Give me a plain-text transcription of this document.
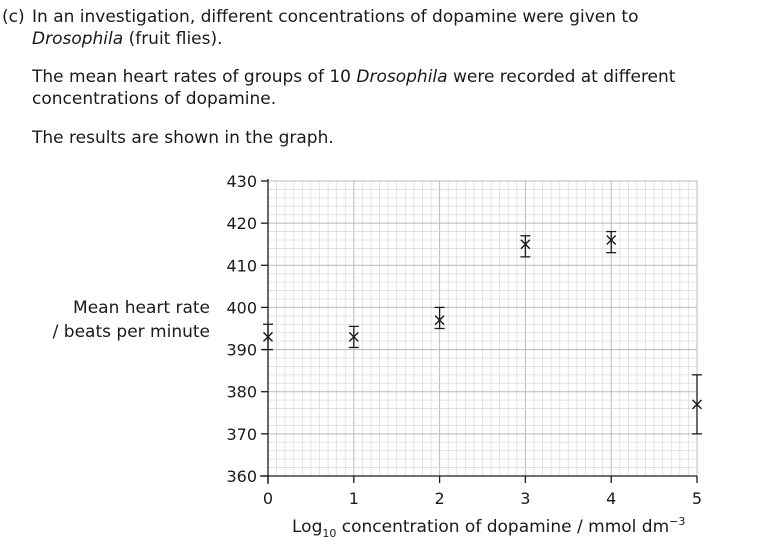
(c) In an investigation, different concentrations of dopamine were given to
Drosophila (fruit flies).
The mean heart rates of groups of 10 Drosophila were recorded at different
concentrations of dopamine.
The results are shown in the graph.
Mean heart rate
/ beats per minute
Log$_{10}$ concentration of dopamine / mmol $dm^{-3}$
430
420
410
400
390
380
370
360
0	1	2	3	4	5
